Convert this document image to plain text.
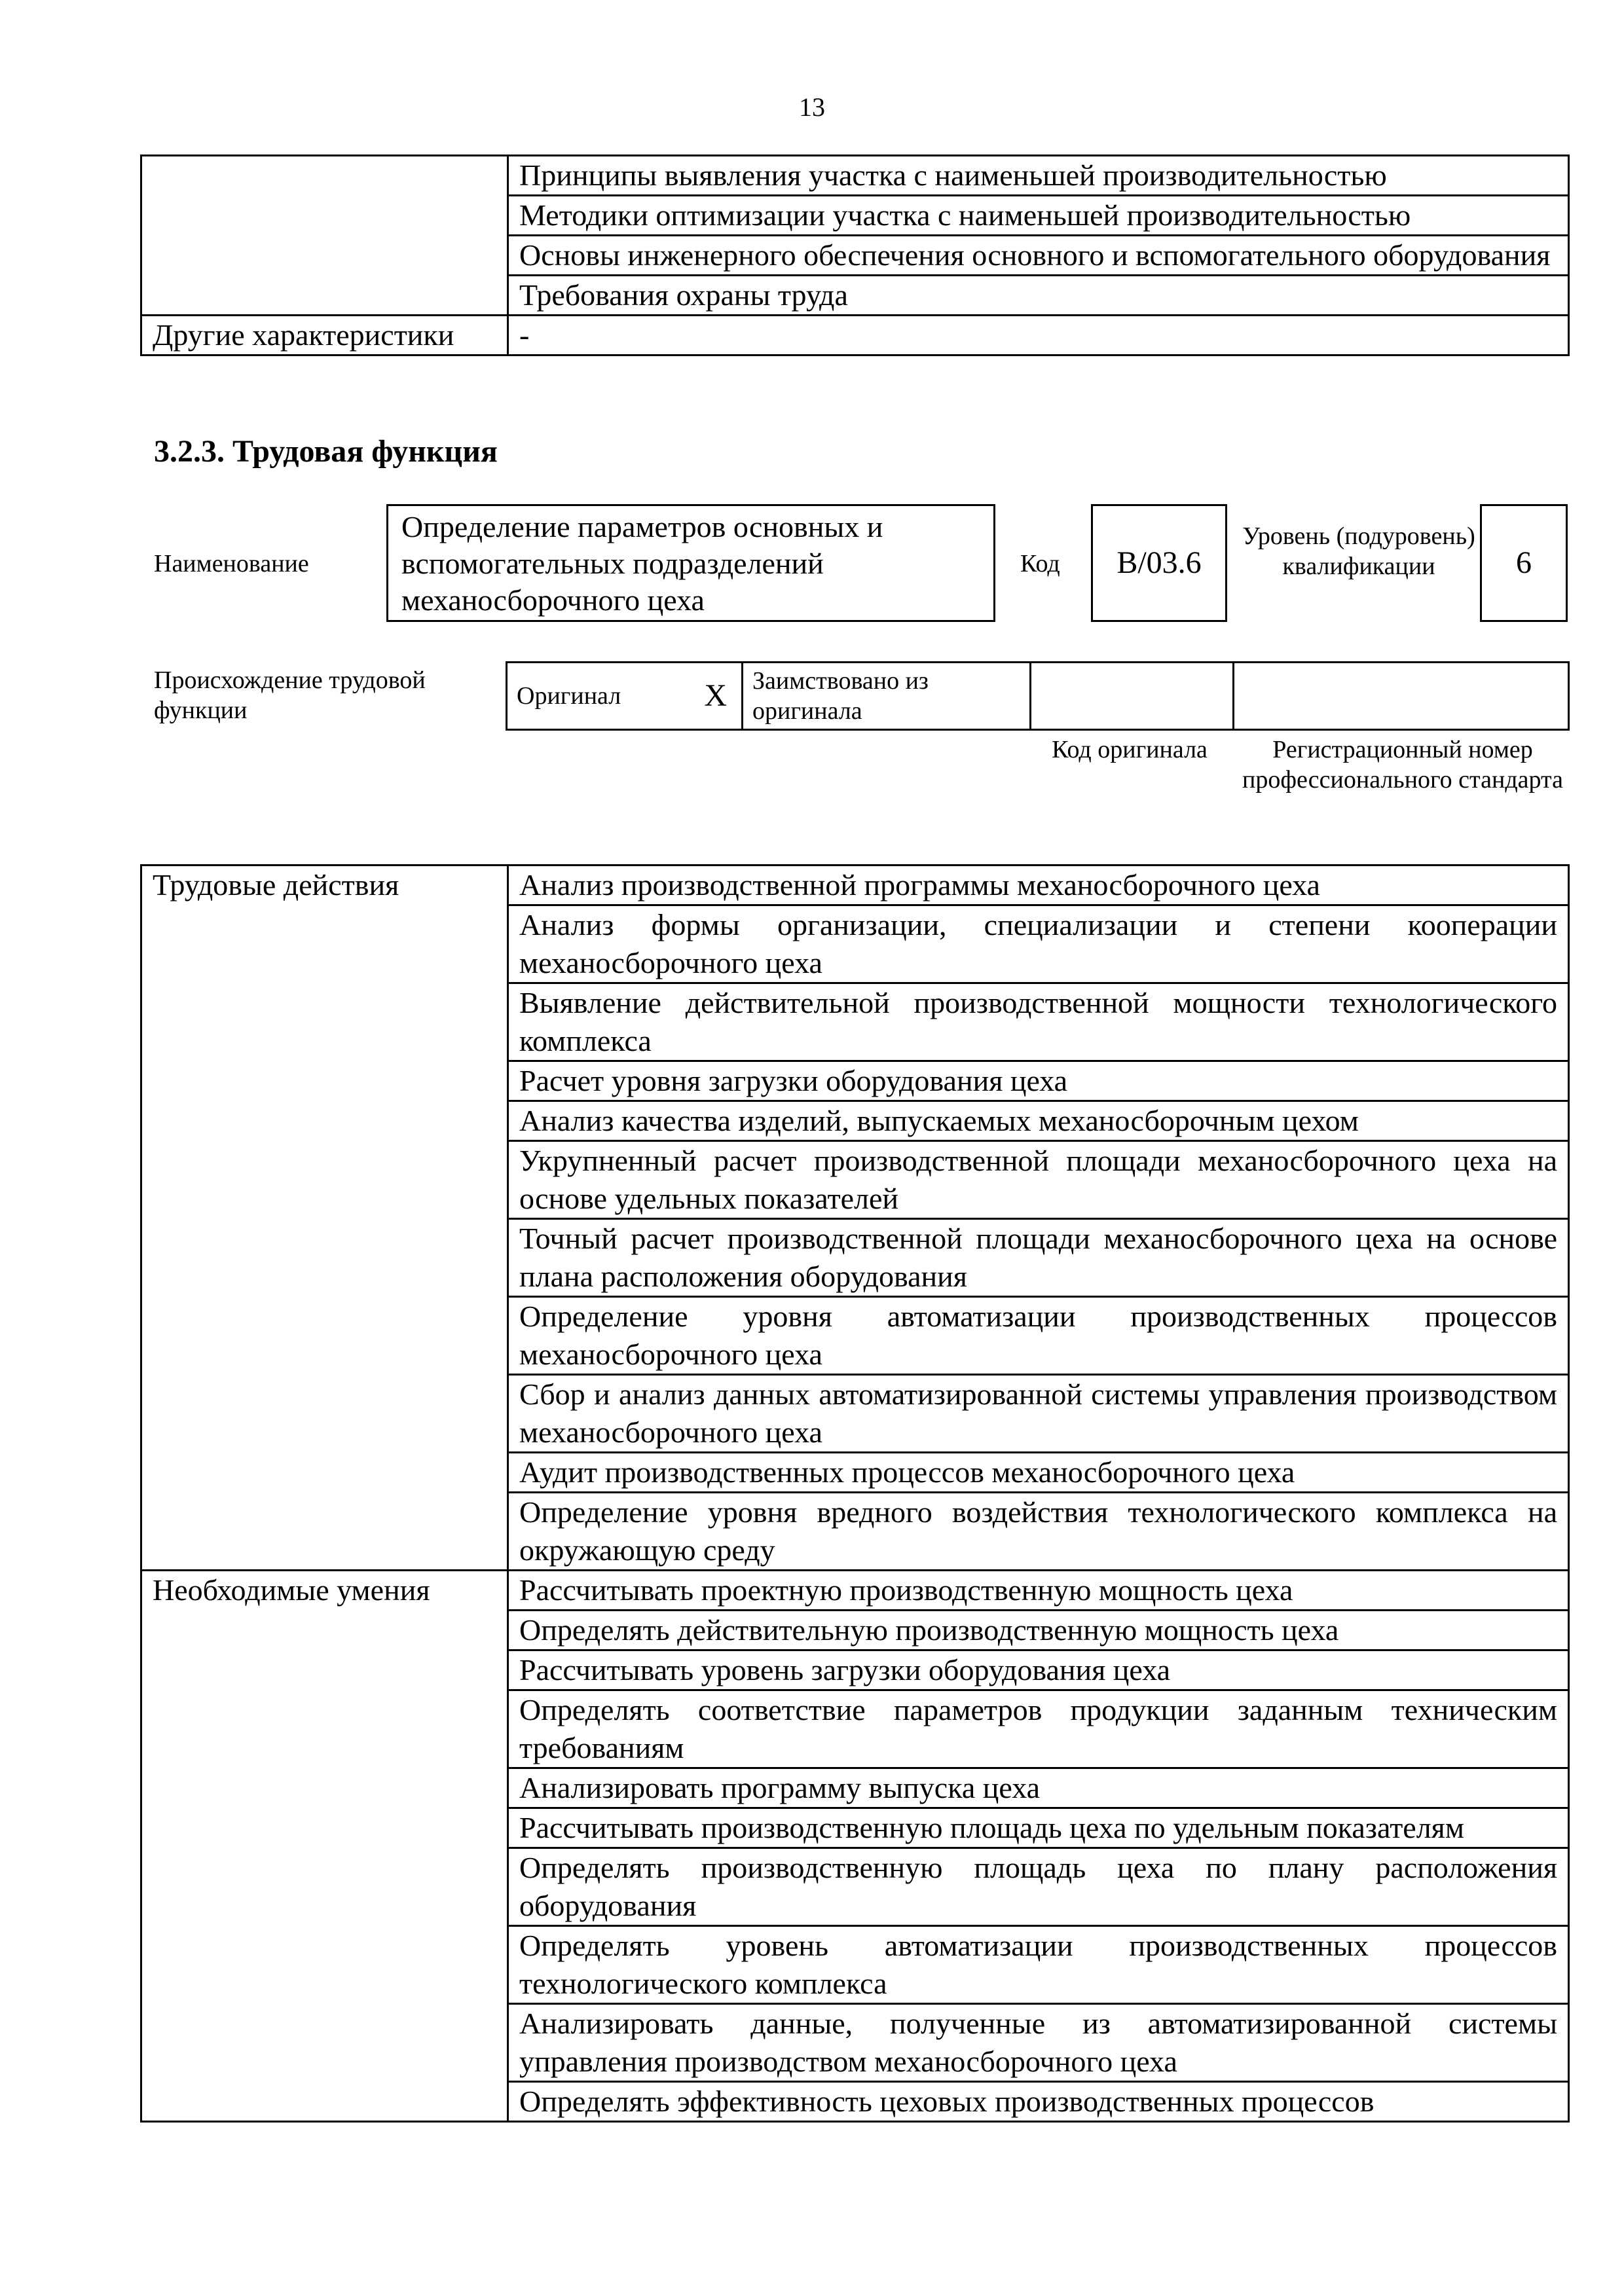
13
	Принципы выявления участка с наименьшей производительностью
	Методики оптимизации участка с наименьшей производительностью
	Основы инженерного обеспечения основного и вспомогательного оборудования
	Требования охраны труда
Другие характеристики	-
3.2.3. Трудовая функция
Наименование
Определение параметров основных и вспомогательных подразделений механосборочного цеха
Код	B/03.6
Уровень (подуровень) квалификации	6
Происхождение трудовой функции
Оригинал	X	Заимствовано из оригинала		
Код оригинала	Регистрационный номер профессионального стандарта
Трудовые действия	Анализ производственной программы механосборочного цеха
	Анализ формы организации, специализации и степени кооперации механосборочного цеха
	Выявление действительной производственной мощности технологического комплекса
	Расчет уровня загрузки оборудования цеха
	Анализ качества изделий, выпускаемых механосборочным цехом
	Укрупненный расчет производственной площади механосборочного цеха на основе удельных показателей
	Точный расчет производственной площади механосборочного цеха на основе плана расположения оборудования
	Определение уровня автоматизации производственных процессов механосборочного цеха
	Сбор и анализ данных автоматизированной системы управления производством механосборочного цеха
	Аудит производственных процессов механосборочного цеха
	Определение уровня вредного воздействия технологического комплекса на окружающую среду
Необходимые умения	Рассчитывать проектную производственную мощность цеха
	Определять действительную производственную мощность цеха
	Рассчитывать уровень загрузки оборудования цеха
	Определять соответствие параметров продукции заданным техническим требованиям
	Анализировать программу выпуска цеха
	Рассчитывать производственную площадь цеха по удельным показателям
	Определять производственную площадь цеха по плану расположения оборудования
	Определять уровень автоматизации производственных процессов технологического комплекса
	Анализировать данные, полученные из автоматизированной системы управления производством механосборочного цеха
	Определять эффективность цеховых производственных процессов
